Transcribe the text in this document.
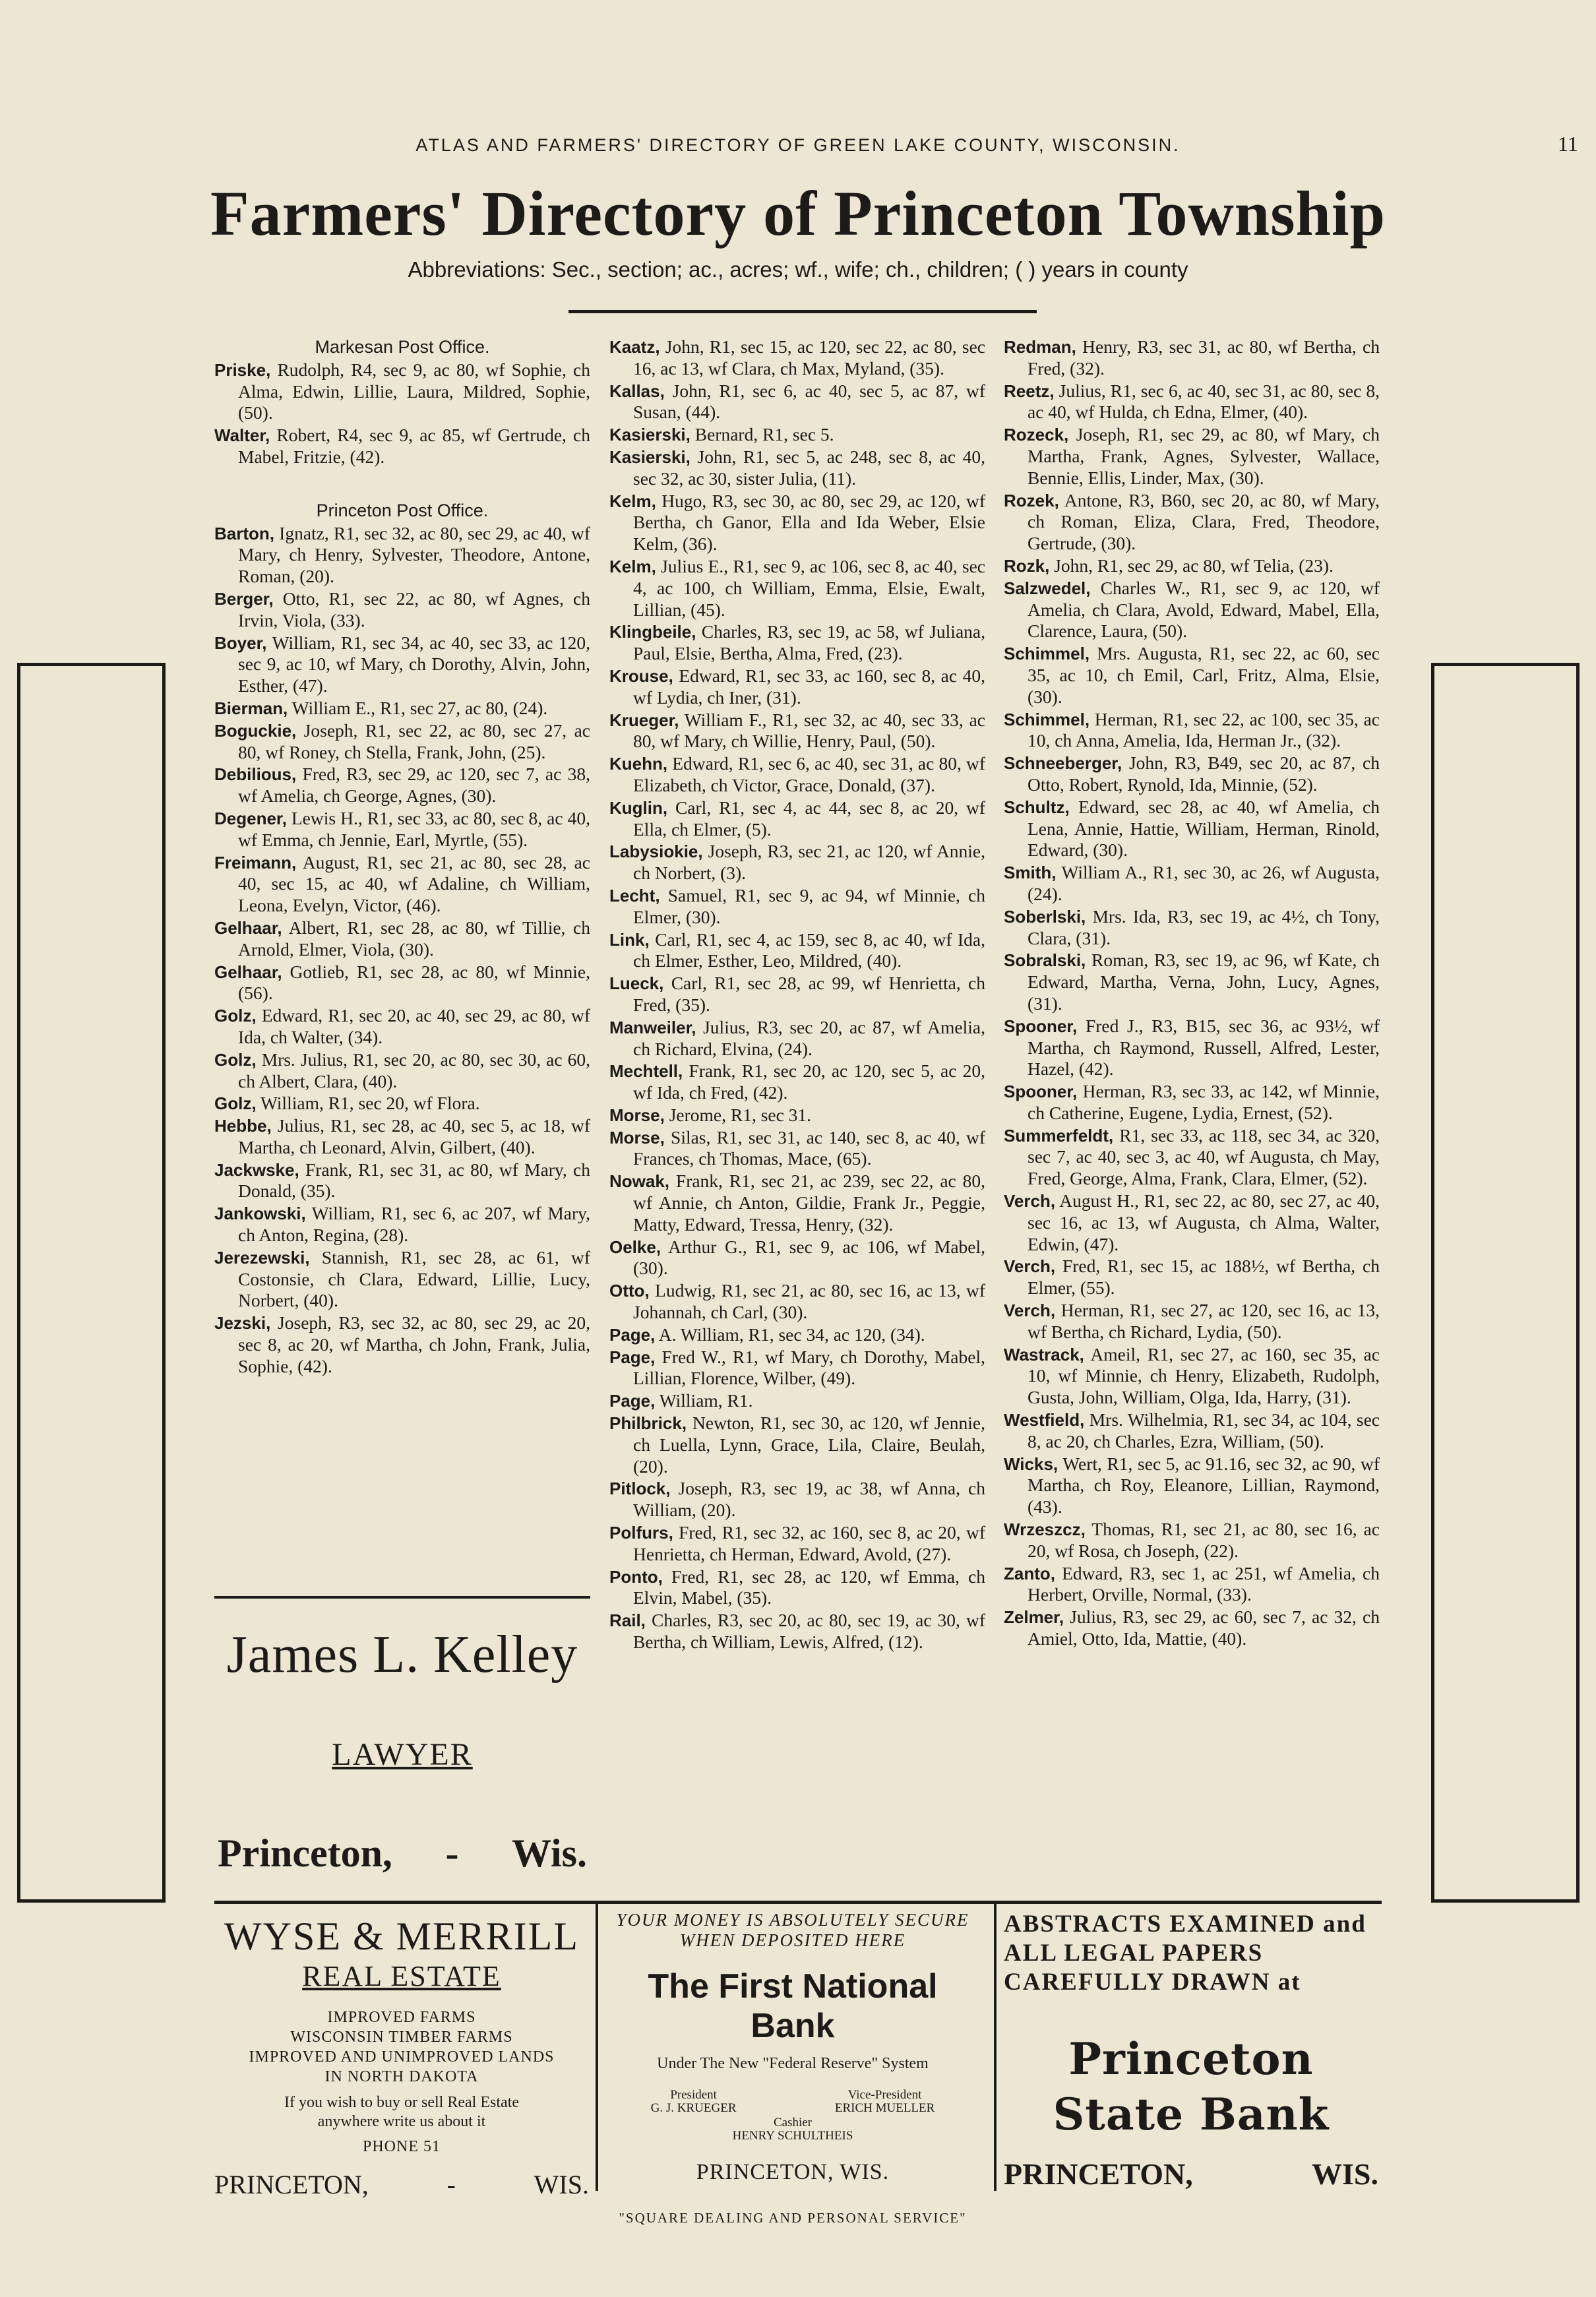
ATLAS AND FARMERS' DIRECTORY OF GREEN LAKE COUNTY, WISCONSIN.	11
Farmers' Directory of Princeton Township
Abbreviations: Sec., section; ac., acres; wf., wife; ch., children; ( ) years in county
Markesan Post Office.

Priske, Rudolph, R4, sec 9, ac 80, wf Sophie, ch Alma, Edwin, Lillie, Laura, Mildred, Sophie, (50).

Walter, Robert, R4, sec 9, ac 85, wf Gertrude, ch Mabel, Fritzie, (42).

Princeton Post Office.

Barton, Ignatz, R1, sec 32, ac 80, sec 29, ac 40, wf Mary, ch Henry, Sylvester, Theodore, Antone, Roman, (20).

Berger, Otto, R1, sec 22, ac 80, wf Agnes, ch Irvin, Viola, (33).

Boyer, William, R1, sec 34, ac 40, sec 33, ac 120, sec 9, ac 10, wf Mary, ch Dorothy, Alvin, John, Esther, (47).

Bierman, William E., R1, sec 27, ac 80, (24).

Boguckie, Joseph, R1, sec 22, ac 80, sec 27, ac 80, wf Roney, ch Stella, Frank, John, (25).

Debilious, Fred, R3, sec 29, ac 120, sec 7, ac 38, wf Amelia, ch George, Agnes, (30).

Degener, Lewis H., R1, sec 33, ac 80, sec 8, ac 40, wf Emma, ch Jennie, Earl, Myrtle, (55).

Freimann, August, R1, sec 21, ac 80, sec 28, ac 40, sec 15, ac 40, wf Adaline, ch William, Leona, Evelyn, Victor, (46).

Gelhaar, Albert, R1, sec 28, ac 80, wf Tillie, ch Arnold, Elmer, Viola, (30).

Gelhaar, Gotlieb, R1, sec 28, ac 80, wf Minnie, (56).

Golz, Edward, R1, sec 20, ac 40, sec 29, ac 80, wf Ida, ch Walter, (34).

Golz, Mrs. Julius, R1, sec 20, ac 80, sec 30, ac 60, ch Albert, Clara, (40).

Golz, William, R1, sec 20, wf Flora.

Hebbe, Julius, R1, sec 28, ac 40, sec 5, ac 18, wf Martha, ch Leonard, Alvin, Gilbert, (40).

Jackwske, Frank, R1, sec 31, ac 80, wf Mary, ch Donald, (35).

Jankowski, William, R1, sec 6, ac 207, wf Mary, ch Anton, Regina, (28).

Jerezewski, Stannish, R1, sec 28, ac 61, wf Costonsie, ch Clara, Edward, Lillie, Lucy, Norbert, (40).

Jezski, Joseph, R3, sec 32, ac 80, sec 29, ac 20, sec 8, ac 20, wf Martha, ch John, Frank, Julia, Sophie, (42).

Kaatz, John, R1, sec 15, ac 120, sec 22, ac 80, sec 16, ac 13, wf Clara, ch Max, Myland, (35).

Kallas, John, R1, sec 6, ac 40, sec 5, ac 87, wf Susan, (44).

Kasierski, Bernard, R1, sec 5.

Kasierski, John, R1, sec 5, ac 248, sec 8, ac 40, sec 32, ac 30, sister Julia, (11).

Kelm, Hugo, R3, sec 30, ac 80, sec 29, ac 120, wf Bertha, ch Ganor, Ella and Ida Weber, Elsie Kelm, (36).

Kelm, Julius E., R1, sec 9, ac 106, sec 8, ac 40, sec 4, ac 100, ch William, Emma, Elsie, Ewalt, Lillian, (45).

Klingbeile, Charles, R3, sec 19, ac 58, wf Juliana, Paul, Elsie, Bertha, Alma, Fred, (23).

Krouse, Edward, R1, sec 33, ac 160, sec 8, ac 40, wf Lydia, ch Iner, (31).

Krueger, William F., R1, sec 32, ac 40, sec 33, ac 80, wf Mary, ch Willie, Henry, Paul, (50).

Kuehn, Edward, R1, sec 6, ac 40, sec 31, ac 80, wf Elizabeth, ch Victor, Grace, Donald, (37).

Kuglin, Carl, R1, sec 4, ac 44, sec 8, ac 20, wf Ella, ch Elmer, (5).

Labysiokie, Joseph, R3, sec 21, ac 120, wf Annie, ch Norbert, (3).

Lecht, Samuel, R1, sec 9, ac 94, wf Minnie, ch Elmer, (30).

Link, Carl, R1, sec 4, ac 159, sec 8, ac 40, wf Ida, ch Elmer, Esther, Leo, Mildred, (40).

Lueck, Carl, R1, sec 28, ac 99, wf Henrietta, ch Fred, (35).

Manweiler, Julius, R3, sec 20, ac 87, wf Amelia, ch Richard, Elvina, (24).

Mechtell, Frank, R1, sec 20, ac 120, sec 5, ac 20, wf Ida, ch Fred, (42).

Morse, Jerome, R1, sec 31.

Morse, Silas, R1, sec 31, ac 140, sec 8, ac 40, wf Frances, ch Thomas, Mace, (65).

Nowak, Frank, R1, sec 21, ac 239, sec 22, ac 80, wf Annie, ch Anton, Gildie, Frank Jr., Peggie, Matty, Edward, Tressa, Henry, (32).

Oelke, Arthur G., R1, sec 9, ac 106, wf Mabel, (30).

Otto, Ludwig, R1, sec 21, ac 80, sec 16, ac 13, wf Johannah, ch Carl, (30).

Page, A. William, R1, sec 34, ac 120, (34).

Page, Fred W., R1, wf Mary, ch Dorothy, Mabel, Lillian, Florence, Wilber, (49).

Page, William, R1.

Philbrick, Newton, R1, sec 30, ac 120, wf Jennie, ch Luella, Lynn, Grace, Lila, Claire, Beulah, (20).

Pitlock, Joseph, R3, sec 19, ac 38, wf Anna, ch William, (20).

Polfurs, Fred, R1, sec 32, ac 160, sec 8, ac 20, wf Henrietta, ch Herman, Edward, Avold, (27).

Ponto, Fred, R1, sec 28, ac 120, wf Emma, ch Elvin, Mabel, (35).

Rail, Charles, R3, sec 20, ac 80, sec 19, ac 30, wf Bertha, ch William, Lewis, Alfred, (12).

Redman, Henry, R3, sec 31, ac 80, wf Bertha, ch Fred, (32).

Reetz, Julius, R1, sec 6, ac 40, sec 31, ac 80, sec 8, ac 40, wf Hulda, ch Edna, Elmer, (40).

Rozeck, Joseph, R1, sec 29, ac 80, wf Mary, ch Martha, Frank, Agnes, Sylvester, Wallace, Bennie, Ellis, Linder, Max, (30).

Rozek, Antone, R3, B60, sec 20, ac 80, wf Mary, ch Roman, Eliza, Clara, Fred, Theodore, Gertrude, (30).

Rozk, John, R1, sec 29, ac 80, wf Telia, (23).

Salzwedel, Charles W., R1, sec 9, ac 120, wf Amelia, ch Clara, Avold, Edward, Mabel, Ella, Clarence, Laura, (50).

Schimmel, Mrs. Augusta, R1, sec 22, ac 60, sec 35, ac 10, ch Emil, Carl, Fritz, Alma, Elsie, (30).

Schimmel, Herman, R1, sec 22, ac 100, sec 35, ac 10, ch Anna, Amelia, Ida, Herman Jr., (32).

Schneeberger, John, R3, B49, sec 20, ac 87, ch Otto, Robert, Rynold, Ida, Minnie, (52).

Schultz, Edward, sec 28, ac 40, wf Amelia, ch Lena, Annie, Hattie, William, Herman, Rinold, Edward, (30).

Smith, William A., R1, sec 30, ac 26, wf Augusta, (24).

Soberlski, Mrs. Ida, R3, sec 19, ac 4½, ch Tony, Clara, (31).

Sobralski, Roman, R3, sec 19, ac 96, wf Kate, ch Edward, Martha, Verna, John, Lucy, Agnes, (31).

Spooner, Fred J., R3, B15, sec 36, ac 93½, wf Martha, ch Raymond, Russell, Alfred, Lester, Hazel, (42).

Spooner, Herman, R3, sec 33, ac 142, wf Minnie, ch Catherine, Eugene, Lydia, Ernest, (52).

Summerfeldt, R1, sec 33, ac 118, sec 34, ac 320, sec 7, ac 40, sec 3, ac 40, wf Augusta, ch May, Fred, George, Alma, Frank, Clara, Elmer, (52).

Verch, August H., R1, sec 22, ac 80, sec 27, ac 40, sec 16, ac 13, wf Augusta, ch Alma, Walter, Edwin, (47).

Verch, Fred, R1, sec 15, ac 188½, wf Bertha, ch Elmer, (55).

Verch, Herman, R1, sec 27, ac 120, sec 16, ac 13, wf Bertha, ch Richard, Lydia, (50).

Wastrack, Ameil, R1, sec 27, ac 160, sec 35, ac 10, wf Minnie, ch Henry, Elizabeth, Rudolph, Gusta, John, William, Olga, Ida, Harry, (31).

Westfield, Mrs. Wilhelmia, R1, sec 34, ac 104, sec 8, ac 20, ch Charles, Ezra, William, (50).

Wicks, Wert, R1, sec 5, ac 91.16, sec 32, ac 90, wf Martha, ch Roy, Eleanore, Lillian, Raymond, (43).

Wrzeszcz, Thomas, R1, sec 21, ac 80, sec 16, ac 20, wf Rosa, ch Joseph, (22).

Zanto, Edward, R3, sec 1, ac 251, wf Amelia, ch Herbert, Orville, Normal, (33).

Zelmer, Julius, R3, sec 29, ac 60, sec 7, ac 32, ch Amiel, Otto, Ida, Mattie, (40).

James L. Kelley
LAWYER
Princeton, - Wis.
WYSE & MERRILL
REAL ESTATE
IMPROVED FARMS
WISCONSIN TIMBER FARMS
IMPROVED AND UNIMPROVED LANDS
IN NORTH DAKOTA
If you wish to buy or sell Real Estate
anywhere write us about it
PHONE 51
PRINCETON,	-	WIS.
YOUR MONEY IS ABSOLUTELY SECURE
WHEN DEPOSITED HERE
The First National Bank
Under The New "Federal Reserve" System
President
G. J. KRUEGER
Vice-President
ERICH MUELLER
Cashier
HENRY SCHULTHEIS
PRINCETON, WIS.
"SQUARE DEALING AND PERSONAL SERVICE"
ABSTRACTS EXAMINED and
ALL LEGAL PAPERS
CAREFULLY DRAWN at
Princeton
State Bank
PRINCETON,	WIS.
